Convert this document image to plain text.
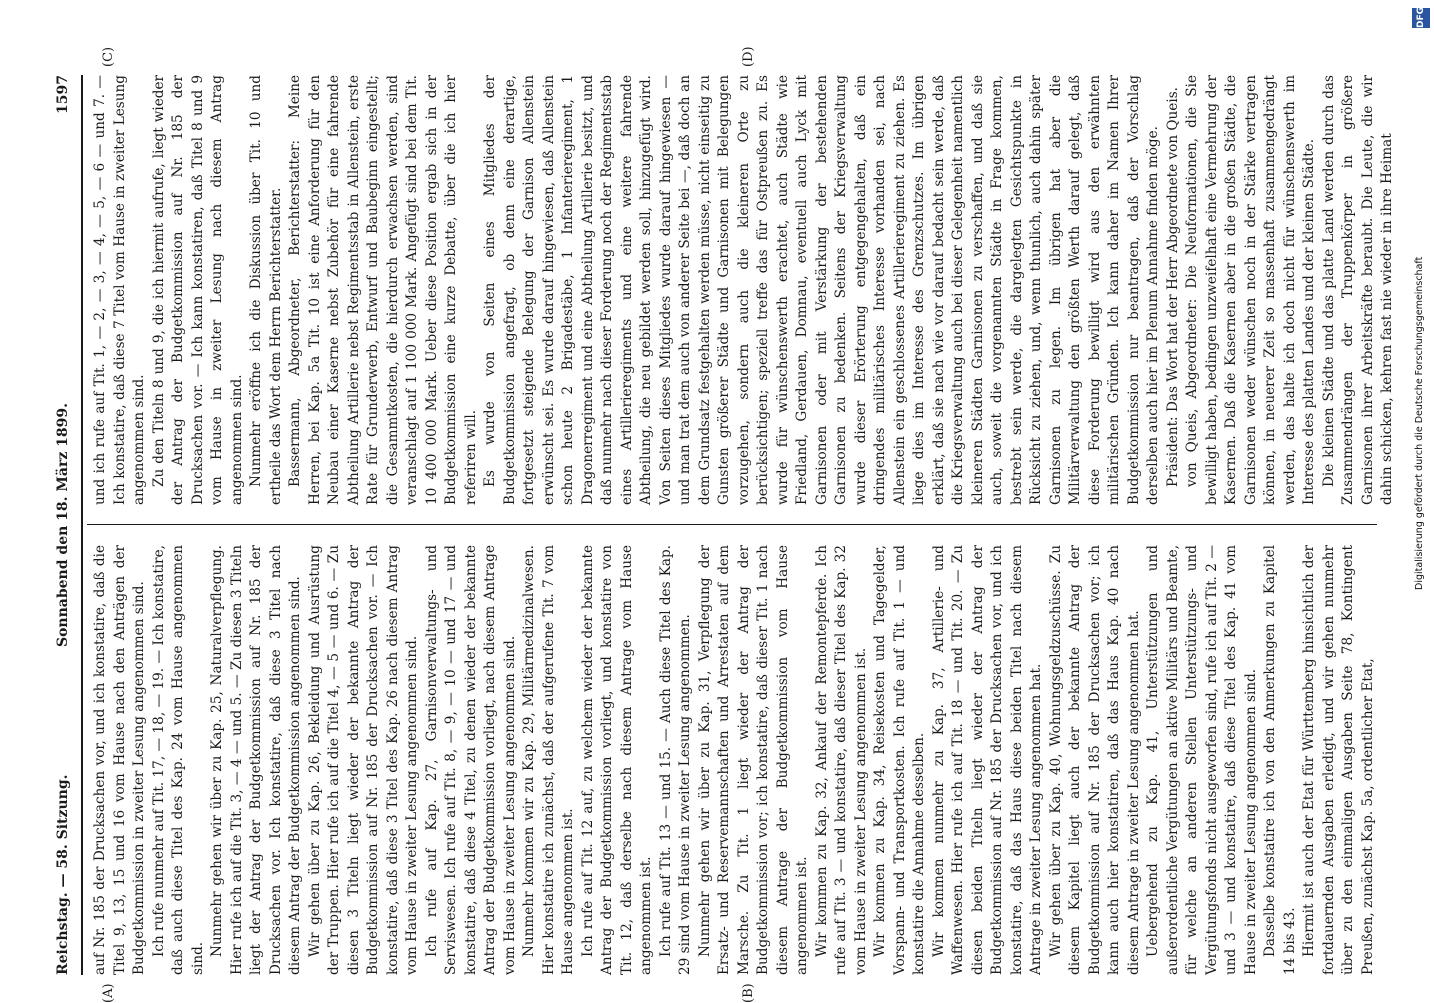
Reichstag. — 58. Sitzung.
Sonnabend den 18. März 1899.
1597
(A)	(B)
(C)	(D)

auf Nr. 185 der Drucksachen vor, und ich konstatire, daß die Titel 9, 13, 15 und 16 vom Hause nach den Anträgen der Budgetkommission in zweiter Lesung angenommen sind. Ich rufe nunmehr auf Tit. 17, — 18, — 19. — Ich konstatire, daß auch diese Titel des Kap. 24 vom Hause angenommen sind.

Nunmehr gehen wir über zu Kap. 25, Naturalverpflegung. Hier rufe ich auf die Tit. 3, — 4 — und 5. — Zu diesen 3 Titeln liegt der Antrag der Budgetkommission auf Nr. 185 der Drucksachen vor. Ich konstatire, daß diese 3 Titel nach diesem Antrag der Budgetkommission angenommen sind. Wir gehen über zu Kap. 26, Bekleidung und Ausrüstung der Truppen. Hier rufe ich auf die Titel 4, — 5 — und 6. — Zu diesen 3 Titeln liegt wieder der bekannte Antrag der Budgetkommission auf Nr. 185 der Drucksachen vor. — Ich konstatire, daß diese 3 Titel des Kap. 26 nach diesem Antrag vom Hause in zweiter Lesung angenommen sind. Ich rufe auf Kap. 27, Garnisonverwaltungs- und Serviswesen. Ich rufe auf Tit. 8, — 9, — 10 — und 17 — und konstatire, daß diese 4 Titel, zu denen wieder der bekannte Antrag der Budgetkommission vorliegt, nach diesem Antrage vom Hause in zweiter Lesung angenommen sind. Nunmehr kommen wir zu Kap. 29, Militärmedizinalwesen. Hier konstatire ich zunächst, daß der aufgerufene Tit. 7 vom Hause angenommen ist. Ich rufe auf Tit. 12 auf, zu welchem wieder der bekannte Antrag der Budgetkommission vorliegt, und konstatire von Tit. 12, daß derselbe nach diesem Antrage vom Hause angenommen ist. Ich rufe auf Tit. 13 — und 15. — Auch diese Titel des Kap. 29 sind vom Hause in zweiter Lesung angenommen. Nunmehr gehen wir über zu Kap. 31, Verpflegung der Ersatz- und Reservemannschaften und Arrestaten auf dem Marsche. Zu Tit. 1 liegt wieder der Antrag der Budgetkommission vor; ich konstatire, daß dieser Tit. 1 nach diesem Antrage der Budgetkommission vom Hause angenommen ist. Wir kommen zu Kap. 32, Ankauf der Remontepferde. Ich rufe auf Tit. 3 — und konstatire, daß dieser Titel des Kap. 32 vom Hause in zweiter Lesung angenommen ist. Wir kommen zu Kap. 34, Reisekosten und Tagegelder, Vorspann- und Transportkosten. Ich rufe auf Tit. 1 — und konstatire die Annahme desselben. Wir kommen nunmehr zu Kap. 37, Artillerie- und Waffenwesen. Hier rufe ich auf Tit. 18 — und Tit. 20. — Zu diesen beiden Titeln liegt wieder der Antrag der Budgetkommission auf Nr. 185 der Drucksachen vor, und ich konstatire, daß das Haus diese beiden Titel nach diesem Antrage in zweiter Lesung angenommen hat. Wir gehen über zu Kap. 40, Wohnungsgeldzuschüsse. Zu diesem Kapitel liegt auch der bekannte Antrag der Budgetkommission auf Nr. 185 der Drucksachen vor; ich kann auch hier konstatiren, daß das Haus Kap. 40 nach diesem Antrage in zweiter Lesung angenommen hat. Uebergehend zu Kap. 41, Unterstützungen und außerordentliche Vergütungen an aktive Militärs und Beamte, für welche an anderen Stellen Unterstützungs- und Vergütungsfonds nicht ausgeworfen sind, rufe ich auf Tit. 2 — und 3 — und konstatire, daß diese Titel des Kap. 41 vom Hause in zweiter Lesung angenommen sind. Dasselbe konstatire ich von den Anmerkungen zu Kapitel 14 bis 43. Hiermit ist auch der Etat für Württemberg hinsichtlich der fortdauernden Ausgaben erledigt, und wir gehen nunmehr über zu den einmaligen Ausgaben Seite 78, Kontingent Preußen, zunächst Kap. 5a, ordentlicher Etat,

und ich rufe auf Tit. 1, — 2, — 3, — 4, — 5, — 6 — und 7. — Ich konstatire, daß diese 7 Titel vom Hause in zweiter Lesung angenommen sind. Zu den Titeln 8 und 9, die ich hiermit aufrufe, liegt wieder der Antrag der Budgetkommission auf Nr. 185 der Drucksachen vor. — Ich kann konstatiren, daß Titel 8 und 9 vom Hause in zweiter Lesung nach diesem Antrag angenommen sind. Nunmehr eröffne ich die Diskussion über Tit. 10 und ertheile das Wort dem Herrn Berichterstatter. Bassermann, Abgeordneter, Berichterstatter: Meine Herren, bei Kap. 5a Tit. 10 ist eine Anforderung für den Neubau einer Kaserne nebst Zubehör für eine fahrende Abtheilung Artillerie nebst Regimentsstab in Allenstein, erste Rate für Grunderwerb, Entwurf und Baubeginn eingestellt; die Gesammtkosten, die hierdurch erwachsen werden, sind veranschlagt auf 1 100 000 Mark. Angefügt sind bei dem Tit. 10 400 000 Mark. Ueber diese Position ergab sich in der Budgetkommission eine kurze Debatte, über die ich hier referiren will. Es wurde von Seiten eines Mitgliedes der Budgetkommission angefragt, ob denn eine derartige, fortgesetzt steigende Belegung der Garnison Allenstein erwünscht sei. Es wurde darauf hingewiesen, daß Allenstein schon heute 2 Brigadestäbe, 1 Infanterieregiment, 1 Dragonerregiment und eine Abtheilung Artillerie besitzt, und daß nunmehr nach dieser Forderung noch der Regimentsstab eines Artillerieregiments und eine weitere fahrende Abtheilung, die neu gebildet werden soll, hinzugefügt wird. Von Seiten dieses Mitgliedes wurde darauf hingewiesen — und man trat dem auch von anderer Seite bei —, daß doch an dem Grundsatz festgehalten werden müsse, nicht einseitig zu Gunsten größerer Städte und Garnisonen mit Belegungen vorzugehen, sondern auch die kleineren Orte zu berücksichtigen; speziell treffe das für Ostpreußen zu. Es wurde für wünschenswerth erachtet, auch Städte wie Friedland, Gerdauen, Domnau, eventuell auch Lyck mit Garnisonen oder mit Verstärkung der bestehenden Garnisonen zu bedenken. Seitens der Kriegsverwaltung wurde dieser Erörterung entgegengehalten, daß ein dringendes militärisches Interesse vorhanden sei, nach Allenstein ein geschlossenes Artillerieregiment zu ziehen. Es liege dies im Interesse des Grenzschutzes. Im übrigen erklärt, daß sie nach wie vor darauf bedacht sein werde, daß die Kriegsverwaltung auch bei dieser Gelegenheit namentlich kleineren Städten Garnisonen zu verschaffen, und daß sie auch, soweit die vorgenannten Städte in Frage kommen, bestrebt sein werde, die dargelegten Gesichtspunkte in Rücksicht zu ziehen, und, wenn thunlich, auch dahin später Garnisonen zu legen. Im übrigen hat aber die Militärverwaltung den größten Werth darauf gelegt, daß diese Forderung bewilligt wird aus den erwähnten militärischen Gründen. Ich kann daher im Namen Ihrer Budgetkommission nur beantragen, daß der Vorschlag derselben auch hier im Plenum Annahme finden möge. Präsident: Das Wort hat der Herr Abgeordnete von Queis. von Queis, Abgeordneter: Die Neuformationen, die Sie bewilligt haben, bedingen unzweifelhaft eine Vermehrung der Kasernen. Daß die Kasernen aber in die großen Städte, die Garnisonen weder wünschen noch in der Stärke vertragen können, in neuerer Zeit so massenhaft zusammengedrängt werden, das halte ich doch nicht für wünschenswerth im Interesse des platten Landes und der kleinen Städte. Die kleinen Städte und das platte Land werden durch das Zusammendrängen der Truppenkörper in größere Garnisonen ihrer Arbeitskräfte beraubt. Die Leute, die wir dahin schicken, kehren fast nie wieder in ihre Heimat

DFG
Digitalisierung gefördert durch die Deutsche Forschungsgemeinschaft
